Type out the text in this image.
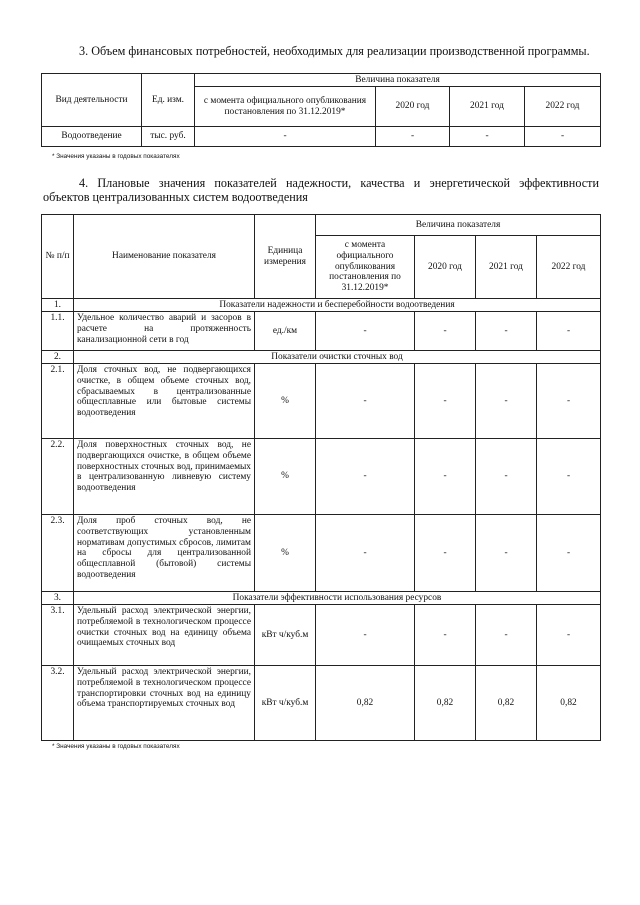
3. Объем финансовых потребностей, необходимых для реализации производственной программы.
Вид деятельности	Ед. изм.	Величина показателя			
		с момента официального опубликования постановления по 31.12.2019*	2020 год	2021 год	2022 год
Водоотведение	тыс. руб.	-	-	-	-
* Значения указаны в годовых показателях
4. Плановые значения показателей надежности, качества и энергетической эффективности объектов централизованных систем водоотведения
№ п/п	Наименование показателя	Единица измерения	Величина показателя			
			с момента официального опубликования постановления по 31.12.2019*	2020 год	2021 год	2022 год
1.	Показатели надежности и бесперебойности водоотведения					
1.1.	Удельное количество аварий и засоров в расчете на протяженность канализационной сети в год	ед./км	-	-	-	-
2.	Показатели очистки сточных вод					
2.1.	Доля сточных вод, не подвергающихся очистке, в общем объеме сточных вод, сбрасываемых в централизованные общесплавные или бытовые системы водоотведения	%	-	-	-	-
2.2.	Доля поверхностных сточных вод, не подвергающихся очистке, в общем объеме поверхностных сточных вод, принимаемых в централизованную ливневую систему водоотведения	%	-	-	-	-
2.3.	Доля проб сточных вод, не соответствующих установленным нормативам допустимых сбросов, лимитам на сбросы для централизованной общесплавной (бытовой) системы водоотведения	%	-	-	-	-
3.	Показатели эффективности использования ресурсов					
3.1.	Удельный расход электрической энергии, потребляемой в технологическом процессе очистки сточных вод на единицу объема очищаемых сточных вод	кВт ч/куб.м	-	-	-	-
3.2.	Удельный расход электрической энергии, потребляемой в технологическом процессе транспортировки сточных вод на единицу объема транспортируемых сточных вод	кВт ч/куб.м	0,82	0,82	0,82	0,82
* Значения указаны в годовых показателях
